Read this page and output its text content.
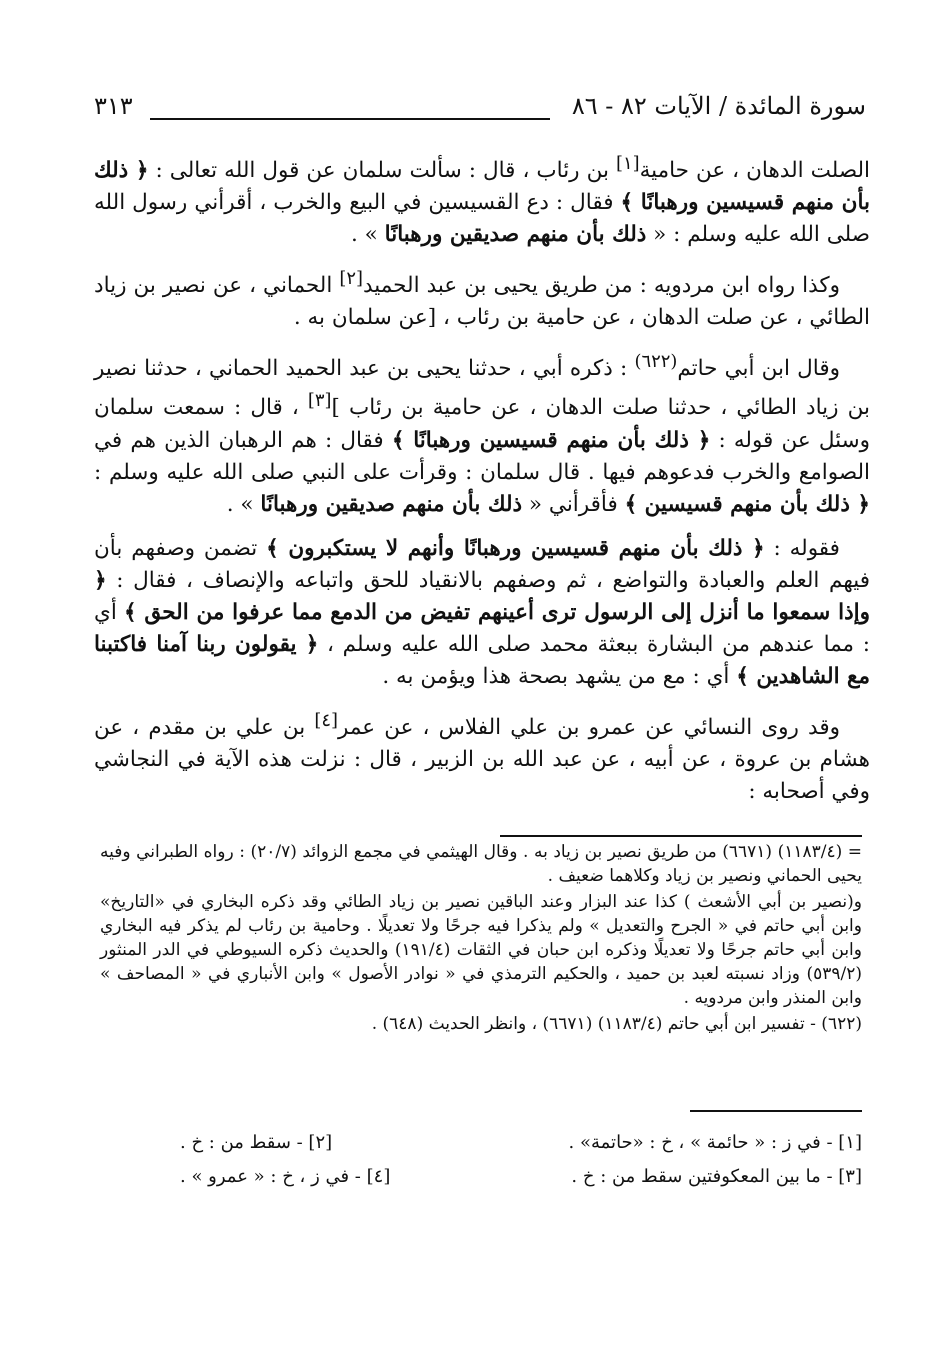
سورة المائدة / الآيات ٨٢ - ٨٦
٣١٣

الصلت الدهان ، عن حامية[١] بن رئاب ، قال : سألت سلمان عن قول الله تعالى : ﴿ ذلك بأن منهم قسيسين ورهبانًا ﴾ فقال : دع القسيسين في البيع والخرب ، أقرأني رسول الله صلى الله عليه وسلم : « ذلك بأن منهم صديقين ورهبانًا » .

وكذا رواه ابن مردويه : من طريق يحيى بن عبد الحميد[٢] الحماني ، عن نصير بن زياد الطائي ، عن صلت الدهان ، عن حامية بن رئاب ، [عن سلمان به .

وقال ابن أبي حاتم$^{(٦٢٢)}$ : ذكره أبي ، حدثنا يحيى بن عبد الحميد الحماني ، حدثنا نصير بن زياد الطائي ، حدثنا صلت الدهان ، عن حامية بن رئاب ][٣] ، قال : سمعت سلمان وسئل عن قوله : ﴿ ذلك بأن منهم قسيسين ورهبانًا ﴾ فقال : هم الرهبان الذين هم في الصوامع والخرب فدعوهم فيها . قال سلمان : وقرأت على النبي صلى الله عليه وسلم : ﴿ ذلك بأن منهم قسيسين ﴾ فأقرأني « ذلك بأن منهم صديقين ورهبانًا » .

فقوله : ﴿ ذلك بأن منهم قسيسين ورهبانًا وأنهم لا يستكبرون ﴾ تضمن وصفهم بأن فيهم العلم والعبادة والتواضع ، ثم وصفهم بالانقياد للحق واتباعه والإنصاف ، فقال : ﴿ وإذا سمعوا ما أنزل إلى الرسول ترى أعينهم تفيض من الدمع مما عرفوا من الحق ﴾ أي : مما عندهم من البشارة ببعثة محمد صلى الله عليه وسلم ، ﴿ يقولون ربنا آمنا فاكتبنا مع الشاهدين ﴾ أي : مع من يشهد بصحة هذا ويؤمن به .

وقد روى النسائي عن عمرو بن علي الفلاس ، عن عمر[٤] بن علي بن مقدم ، عن هشام بن عروة ، عن أبيه ، عن عبد الله بن الزبير ، قال : نزلت هذه الآية في النجاشي وفي أصحابه :

= (١١٨٣/٤) (٦٦٧١) من طريق نصير بن زياد به . وقال الهيثمي في مجمع الزوائد (٢٠/٧) : رواه الطبراني وفيه يحيى الحماني ونصير بن زياد وكلاهما ضعيف .

و(نصير بن أبي الأشعث ) كذا عند البزار وعند الباقين نصير بن زياد الطائي وقد ذكره البخاري في «التاريخ» وابن أبي حاتم في « الجرح والتعديل » ولم يذكرا فيه جرحًا ولا تعديلًا . وحامية بن رئاب لم يذكر فيه البخاري وابن أبي حاتم جرحًا ولا تعديلًا وذكره ابن حبان في الثقات (١٩١/٤) والحديث ذكره السيوطي في الدر المنثور (٥٣٩/٢) وزاد نسبته لعبد بن حميد ، والحكيم الترمذي في « نوادر الأصول » وابن الأنباري في « المصاحف » وابن المنذر وابن مردويه .

(٦٢٢) - تفسير ابن أبي حاتم (١١٨٣/٤) (٦٦٧١) ، وانظر الحديث (٦٤٨) .

[١] - في ز : « حائمة » ، خ : «حاتمة» .
[٢] - سقط من : خ .
[٣] - ما بين المعكوفتين سقط من : خ .
[٤] - في ز ، خ : « عمرو » .
